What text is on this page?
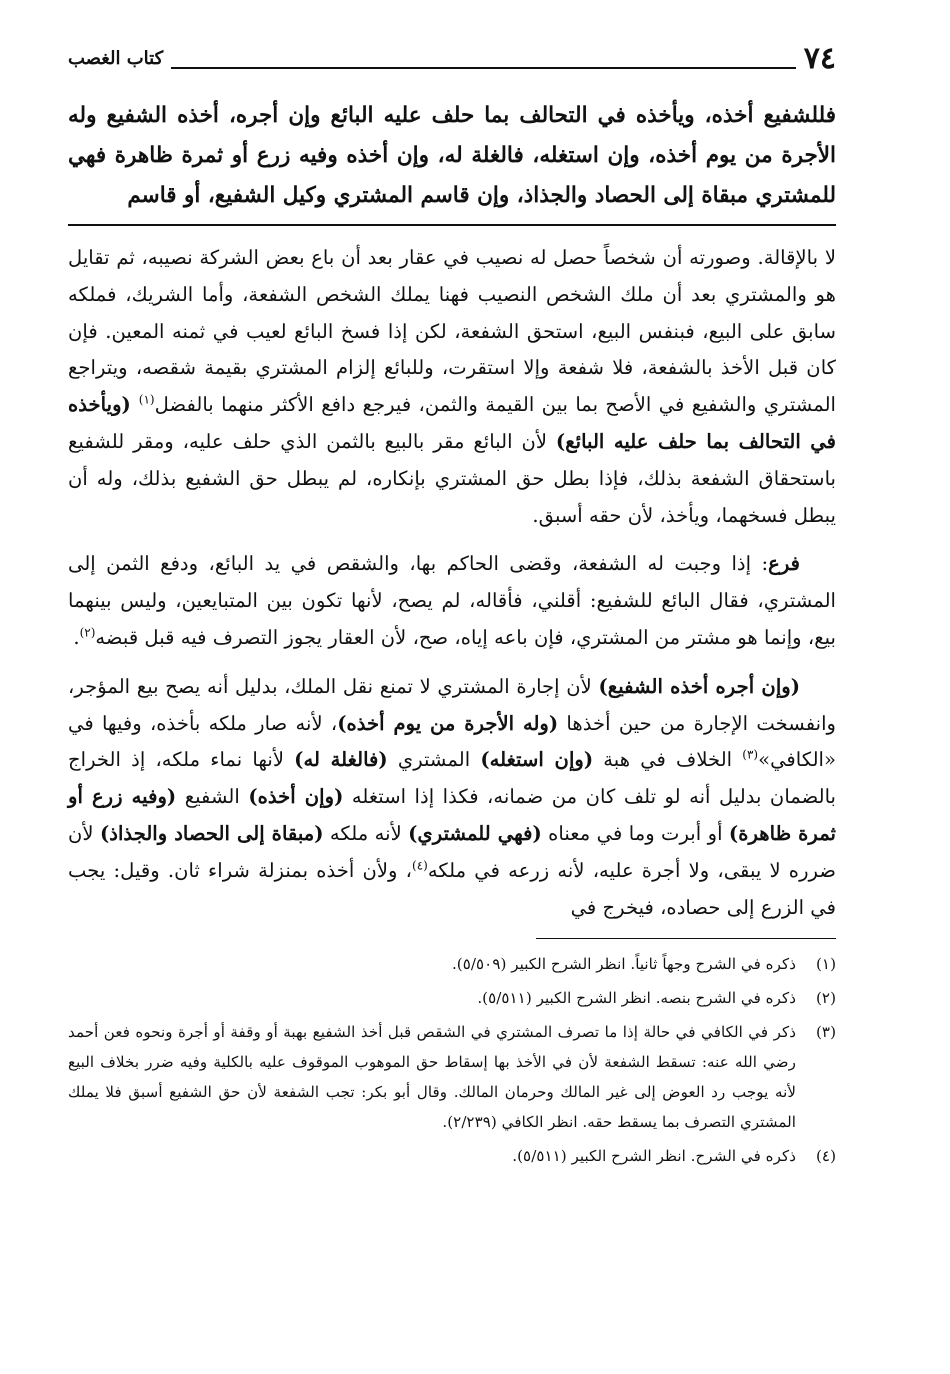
٧٤
كتاب الغصب
فللشفيع أخذه، ويأخذه في التحالف بما حلف عليه البائع وإن أجره، أخذه الشفيع وله الأجرة من يوم أخذه، وإن استغله، فالغلة له، وإن أخذه وفيه زرع أو ثمرة ظاهرة فهي للمشتري مبقاة إلى الحصاد والجذاذ، وإن قاسم المشتري وكيل الشفيع، أو قاسم

لا بالإقالة. وصورته أن شخصاً حصل له نصيب في عقار بعد أن باع بعض الشركة نصيبه، ثم تقايل هو والمشتري بعد أن ملك الشخص النصيب فهنا يملك الشخص الشفعة، وأما الشريك، فملكه سابق على البيع، فبنفس البيع، استحق الشفعة، لكن إذا فسخ البائع لعيب في ثمنه المعين. فإن كان قبل الأخذ بالشفعة، فلا شفعة وإلا استقرت، وللبائع إلزام المشتري بقيمة شقصه، ويتراجع المشتري والشفيع في الأصح بما بين القيمة والثمن، فيرجع دافع الأكثر منهما بالفضل$^{(١)}$ (ويأخذه في التحالف بما حلف عليه البائع) لأن البائع مقر بالبيع بالثمن الذي حلف عليه، ومقر للشفيع باستحقاق الشفعة بذلك، فإذا بطل حق المشتري بإنكاره، لم يبطل حق الشفيع بذلك، وله أن يبطل فسخهما، ويأخذ، لأن حقه أسبق.

فرع: إذا وجبت له الشفعة، وقضى الحاكم بها، والشقص في يد البائع، ودفع الثمن إلى المشتري، فقال البائع للشفيع: أقلني، فأقاله، لم يصح، لأنها تكون بين المتبايعين، وليس بينهما بيع، وإنما هو مشتر من المشتري، فإن باعه إياه، صح، لأن العقار يجوز التصرف فيه قبل قبضه$^{(٢)}$.

(وإن أجره أخذه الشفيع) لأن إجارة المشتري لا تمنع نقل الملك، بدليل أنه يصح بيع المؤجر، وانفسخت الإجارة من حين أخذها (وله الأجرة من يوم أخذه)، لأنه صار ملكه بأخذه، وفيها في «الكافي»$^{(٣)}$ الخلاف في هبة (وإن استغله) المشتري (فالغلة له) لأنها نماء ملكه، إذ الخراج بالضمان بدليل أنه لو تلف كان من ضمانه، فكذا إذا استغله (وإن أخذه) الشفيع (وفيه زرع أو ثمرة ظاهرة) أو أبرت وما في معناه (فهي للمشتري) لأنه ملكه (مبقاة إلى الحصاد والجذاذ) لأن ضرره لا يبقى، ولا أجرة عليه، لأنه زرعه في ملكه$^{(٤)}$، ولأن أخذه بمنزلة شراء ثان. وقيل: يجب في الزرع إلى حصاده، فيخرج في

(١)
ذكره في الشرح وجهاً ثانياً. انظر الشرح الكبير (٥/٥٠٩).
(٢)
ذكره في الشرح بنصه. انظر الشرح الكبير (٥/٥١١).
(٣)
ذكر في الكافي في حالة إذا ما تصرف المشتري في الشقص قبل أخذ الشفيع بهبة أو وقفة أو أجرة ونحوه فعن أحمد رضي الله عنه: تسقط الشفعة لأن في الأخذ بها إسقاط حق الموهوب الموقوف عليه بالكلية وفيه ضرر بخلاف البيع لأنه يوجب رد العوض إلى غير المالك وحرمان المالك. وقال أبو بكر: تجب الشفعة لأن حق الشفيع أسبق فلا يملك المشتري التصرف بما يسقط حقه. انظر الكافي (٢/٢٣٩).
(٤)
ذكره في الشرح. انظر الشرح الكبير (٥/٥١١).
